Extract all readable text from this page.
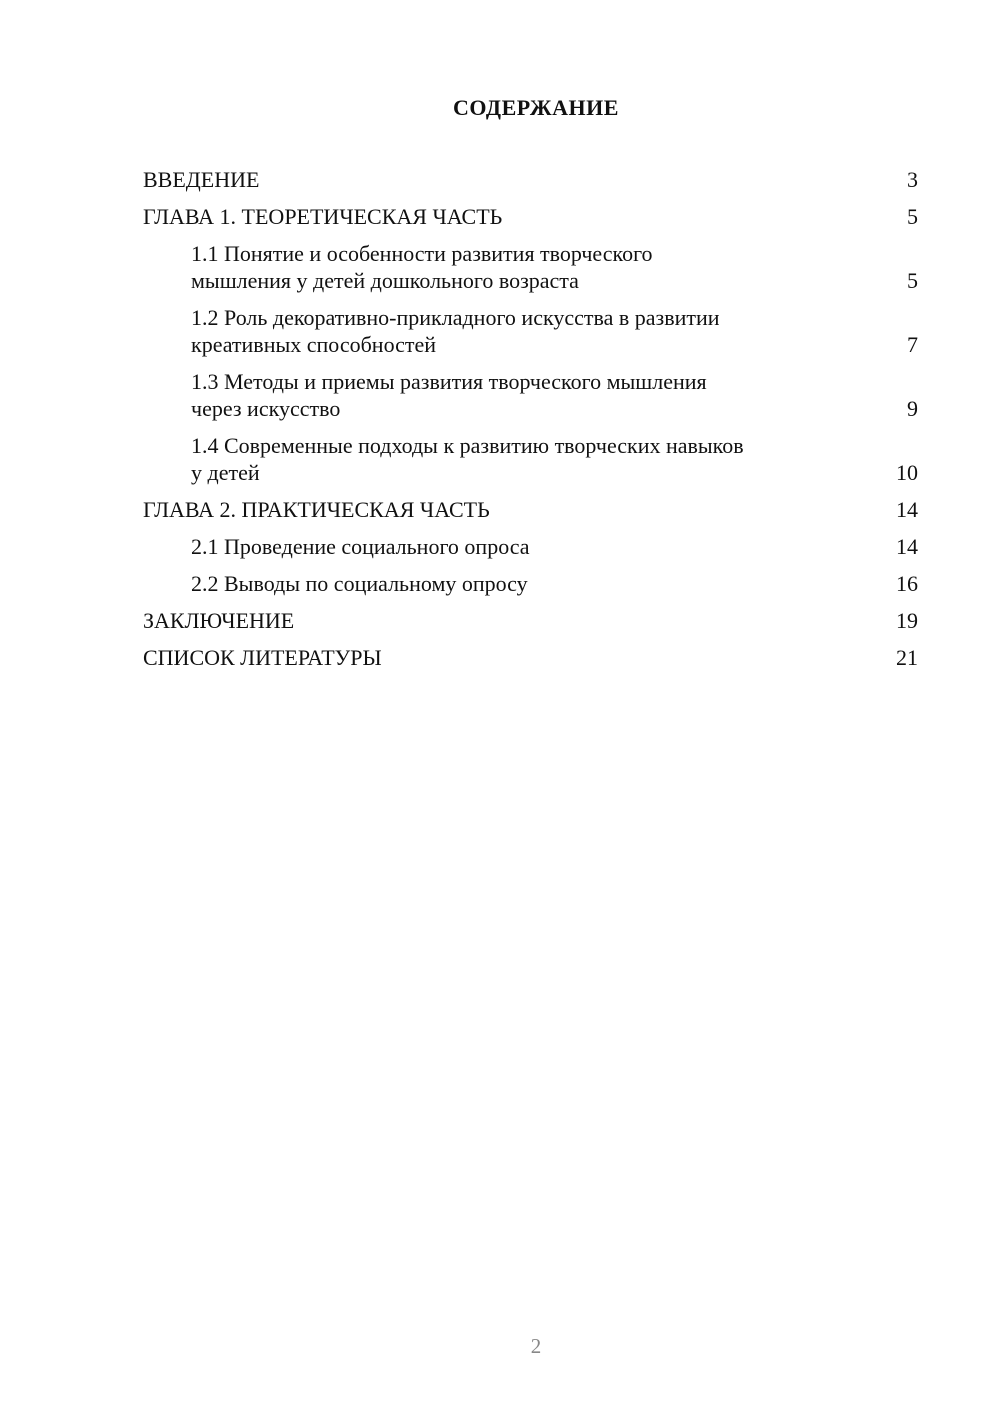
СОДЕРЖАНИЕ
ВВЕДЕНИЕ	3
ГЛАВА 1. ТЕОРЕТИЧЕСКАЯ ЧАСТЬ	5
1.1 Понятие и особенности развития творческого
мышления у детей дошкольного возраста	5
1.2 Роль декоративно-прикладного искусства в развитии
креативных способностей	7
1.3 Методы и приемы развития творческого мышления
через искусство	9
1.4 Современные подходы к развитию творческих навыков
у детей	10
ГЛАВА 2. ПРАКТИЧЕСКАЯ ЧАСТЬ	14
2.1 Проведение социального опроса	14
2.2 Выводы по социальному опросу	16
ЗАКЛЮЧЕНИЕ	19
СПИСОК ЛИТЕРАТУРЫ	21
2
